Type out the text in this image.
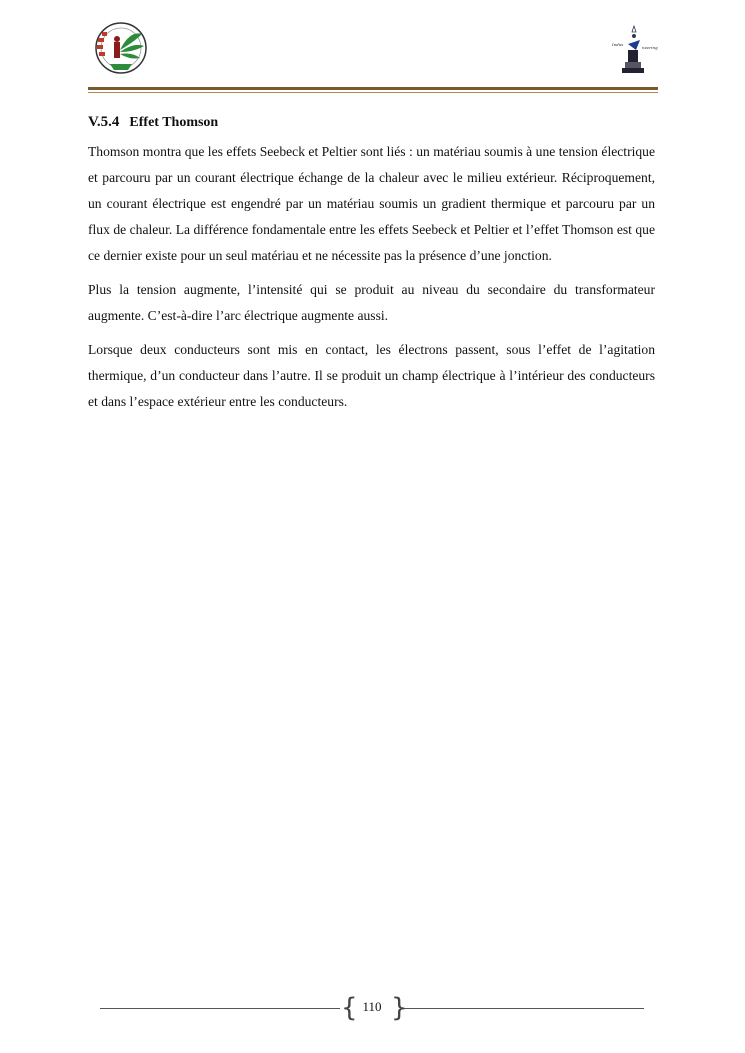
· · · · · ·
Indus
neering
V.5.4 Effet Thomson

Thomson montra que les effets Seebeck et Peltier sont liés : un matériau soumis à une tension électrique et parcouru par un courant électrique échange de la chaleur avec le milieu extérieur. Réciproquement, un courant électrique est engendré par un matériau soumis un gradient thermique et parcouru par un flux de chaleur. La différence fondamentale entre les effets Seebeck et Peltier et l’effet Thomson est que ce dernier existe pour un seul matériau et ne nécessite pas la présence d’une jonction.

Plus la tension augmente, l’intensité qui se produit au niveau du secondaire du transformateur augmente. C’est-à-dire l’arc électrique augmente aussi.

Lorsque deux conducteurs sont mis en contact, les électrons passent, sous l’effet de l’agitation thermique, d’un conducteur dans l’autre. Il se produit un champ électrique à l’intérieur des conducteurs et dans l’espace extérieur entre les conducteurs.

{ }
110
